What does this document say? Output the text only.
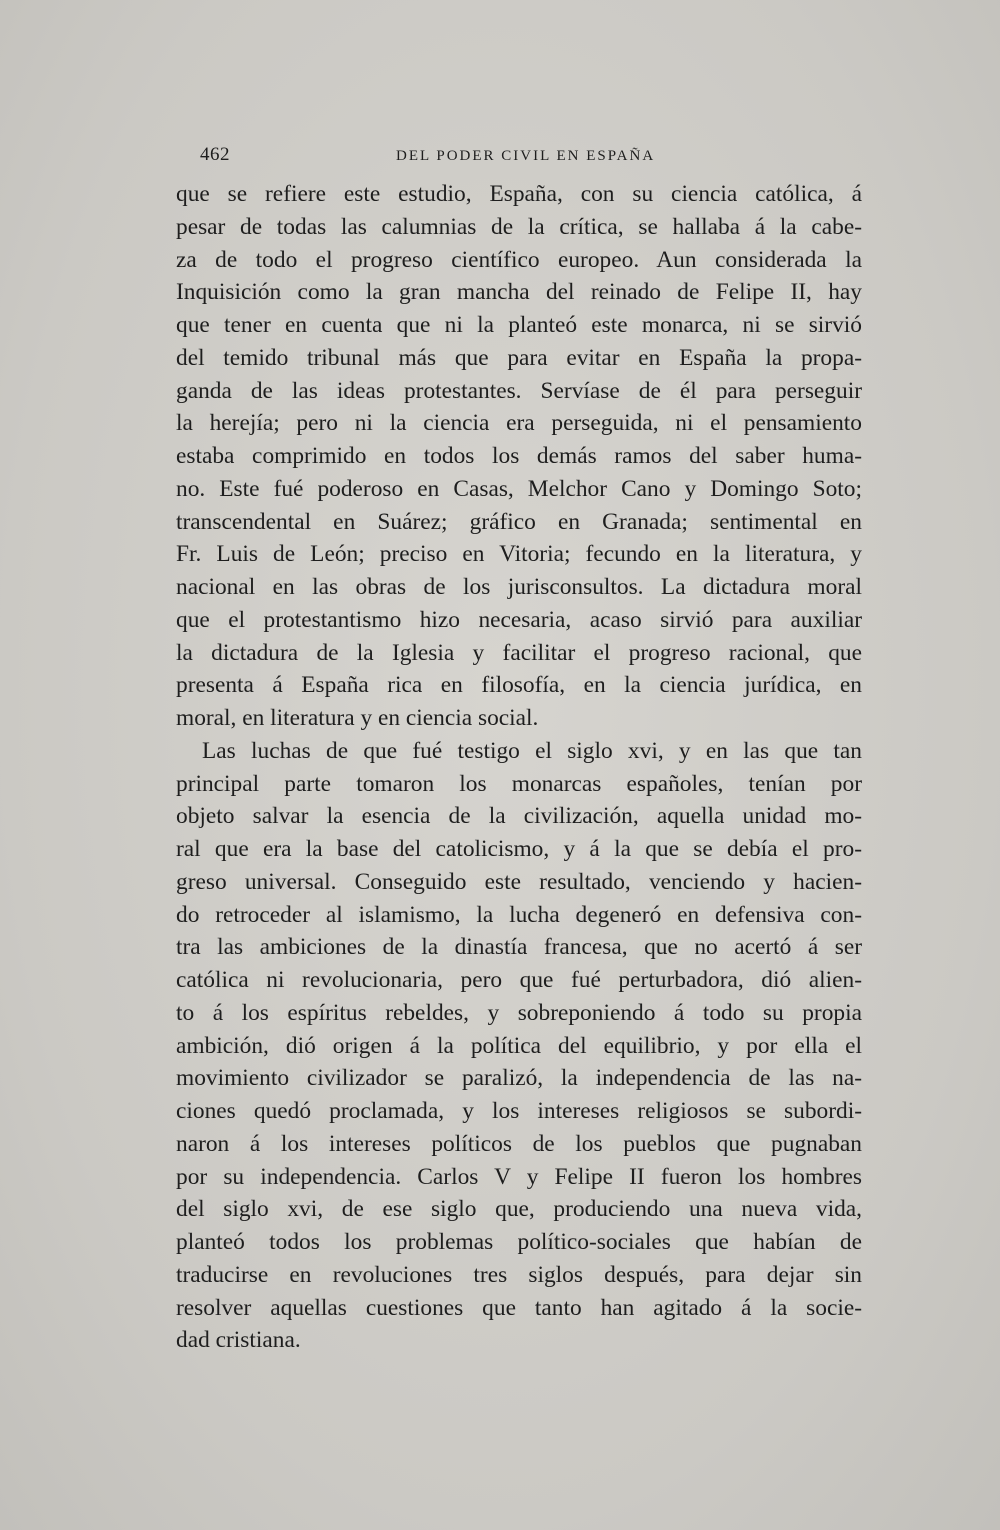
462	DEL PODER CIVIL EN ESPAÑA
que se refiere este estudio, España, con su ciencia católica, á
pesar de todas las calumnias de la crítica, se hallaba á la cabe-
za de todo el progreso científico europeo. Aun considerada la
Inquisición como la gran mancha del reinado de Felipe II, hay
que tener en cuenta que ni la planteó este monarca, ni se sirvió
del temido tribunal más que para evitar en España la propa-
ganda de las ideas protestantes. Servíase de él para perseguir
la herejía; pero ni la ciencia era perseguida, ni el pensamiento
estaba comprimido en todos los demás ramos del saber huma-
no. Este fué poderoso en Casas, Melchor Cano y Domingo Soto;
transcendental en Suárez; gráfico en Granada; sentimental en
Fr. Luis de León; preciso en Vitoria; fecundo en la literatura, y
nacional en las obras de los jurisconsultos. La dictadura moral
que el protestantismo hizo necesaria, acaso sirvió para auxiliar
la dictadura de la Iglesia y facilitar el progreso racional, que
presenta á España rica en filosofía, en la ciencia jurídica, en
moral, en literatura y en ciencia social.
Las luchas de que fué testigo el siglo xvi, y en las que tan
principal parte tomaron los monarcas españoles, tenían por
objeto salvar la esencia de la civilización, aquella unidad mo-
ral que era la base del catolicismo, y á la que se debía el pro-
greso universal. Conseguido este resultado, venciendo y hacien-
do retroceder al islamismo, la lucha degeneró en defensiva con-
tra las ambiciones de la dinastía francesa, que no acertó á ser
católica ni revolucionaria, pero que fué perturbadora, dió alien-
to á los espíritus rebeldes, y sobreponiendo á todo su propia
ambición, dió origen á la política del equilibrio, y por ella el
movimiento civilizador se paralizó, la independencia de las na-
ciones quedó proclamada, y los intereses religiosos se subordi-
naron á los intereses políticos de los pueblos que pugnaban
por su independencia. Carlos V y Felipe II fueron los hombres
del siglo xvi, de ese siglo que, produciendo una nueva vida,
planteó todos los problemas político-sociales que habían de
traducirse en revoluciones tres siglos después, para dejar sin
resolver aquellas cuestiones que tanto han agitado á la socie-
dad cristiana.
